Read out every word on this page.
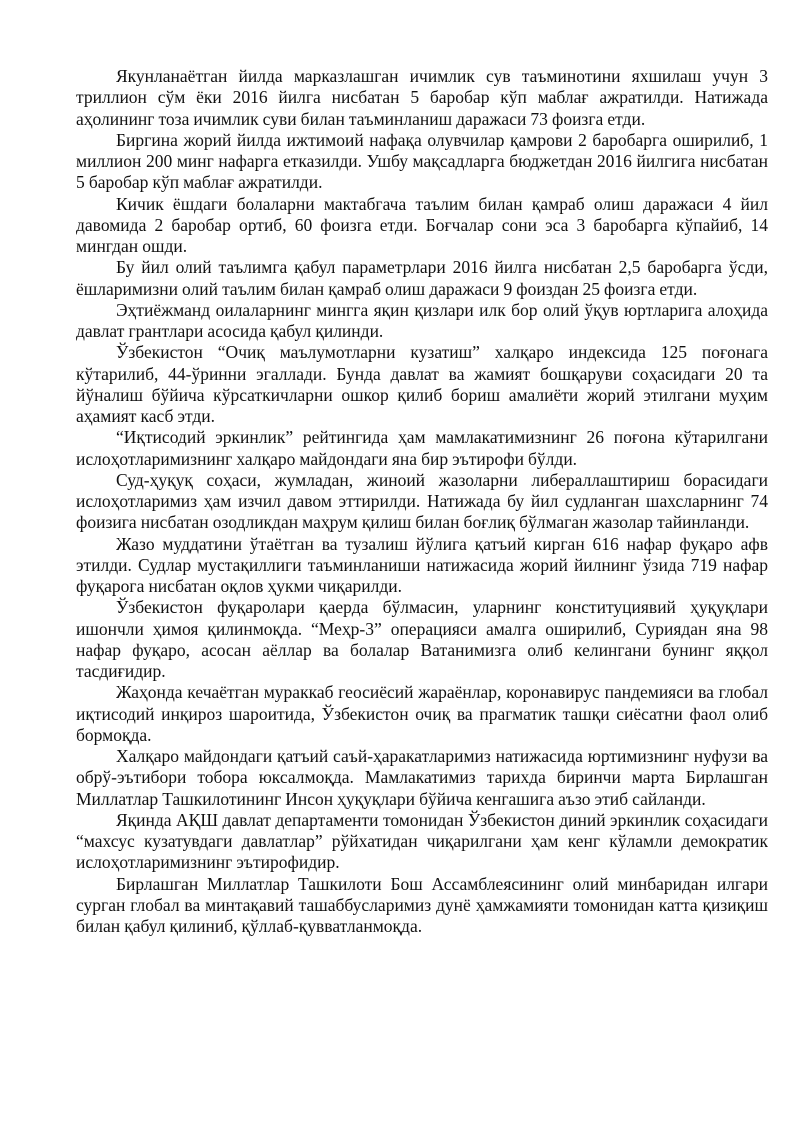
Якунланаётган йилда марказлашган ичимлик сув таъминотини яхшилаш учун 3 триллион сўм ёки 2016 йилга нисбатан 5 баробар кўп маблағ ажратилди. Натижада аҳолининг тоза ичимлик суви билан таъминланиш даражаси 73 фоизга етди.

Биргина жорий йилда ижтимоий нафақа олувчилар қамрови 2 баробарга оширилиб, 1 миллион 200 минг нафарга етказилди. Ушбу мақсадларга бюджетдан 2016 йилгига нисбатан 5 баробар кўп маблағ ажратилди.

Кичик ёшдаги болаларни мактабгача таълим билан қамраб олиш даражаси 4 йил давомида 2 баробар ортиб, 60 фоизга етди. Боғчалар сони эса 3 баробарга кўпайиб, 14 мингдан ошди.

Бу йил олий таълимга қабул параметрлари 2016 йилга нисбатан 2,5 баробарга ўсди, ёшларимизни олий таълим билан қамраб олиш даражаси 9 фоиздан 25 фоизга етди.

Эҳтиёжманд оилаларнинг мингга яқин қизлари илк бор олий ўқув юртларига алоҳида давлат грантлари асосида қабул қилинди.

Ўзбекистон “Очиқ маълумотларни кузатиш” халқаро индексида 125 поғонага кўтарилиб, 44-ўринни эгаллади. Бунда давлат ва жамият бошқаруви соҳасидаги 20 та йўналиш бўйича кўрсаткичларни ошкор қилиб бориш амалиёти жорий этилгани муҳим аҳамият касб этди.

“Иқтисодий эркинлик” рейтингида ҳам мамлакатимизнинг 26 поғона кўтарилгани ислоҳотларимизнинг халқаро майдондаги яна бир эътирофи бўлди.

Суд-ҳуқуқ соҳаси, жумладан, жиноий жазоларни либераллаштириш борасидаги ислоҳотларимиз ҳам изчил давом эттирилди. Натижада бу йил судланган шахсларнинг 74 фоизига нисбатан озодликдан маҳрум қилиш билан боғлиқ бўлмаган жазолар тайинланди.

Жазо муддатини ўтаётган ва тузалиш йўлига қатъий кирган 616 нафар фуқаро афв этилди. Судлар мустақиллиги таъминланиши натижасида жорий йилнинг ўзида 719 нафар фуқарога нисбатан оқлов ҳукми чиқарилди.

Ўзбекистон фуқаролари қаерда бўлмасин, уларнинг конституциявий ҳуқуқлари ишончли ҳимоя қилинмоқда. “Меҳр-3” операцияси амалга оширилиб, Суриядан яна 98 нафар фуқаро, асосан аёллар ва болалар Ватанимизга олиб келингани бунинг яққол тасдиғидир.

Жаҳонда кечаётган мураккаб геосиёсий жараёнлар, коронавирус пандемияси ва глобал иқтисодий инқироз шароитида, Ўзбекистон очиқ ва прагматик ташқи сиёсатни фаол олиб бормоқда.

Халқаро майдондаги қатъий саъй-ҳаракатларимиз натижасида юртимизнинг нуфузи ва обрў-эътибори тобора юксалмоқда. Мамлакатимиз тарихда биринчи марта Бирлашган Миллатлар Ташкилотининг Инсон ҳуқуқлари бўйича кенгашига аъзо этиб сайланди.

Яқинда АҚШ давлат департаменти томонидан Ўзбекистон диний эркинлик соҳасидаги “махсус кузатувдаги давлатлар” рўйхатидан чиқарилгани ҳам кенг кўламли демократик ислоҳотларимизнинг эътирофидир.

Бирлашган Миллатлар Ташкилоти Бош Ассамблеясининг олий минбаридан илгари сурган глобал ва минтақавий ташаббусларимиз дунё ҳамжамияти томонидан катта қизиқиш билан қабул қилиниб, қўллаб-қувватланмоқда.
